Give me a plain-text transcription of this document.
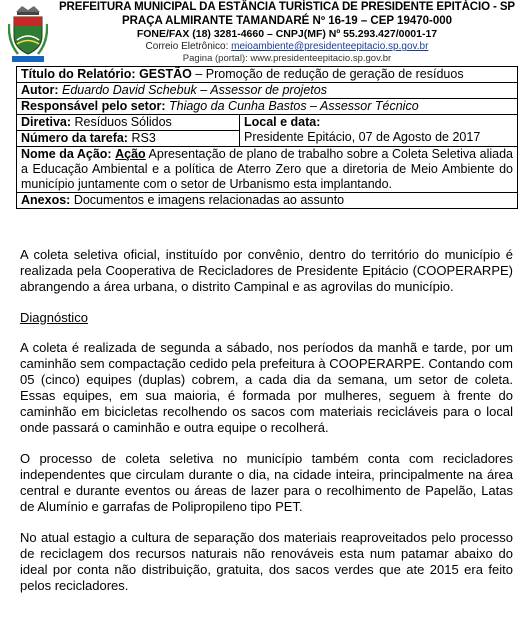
PREFEITURA MUNICIPAL DA ESTÂNCIA TURÍSTICA DE PRESIDENTE EPITÁCIO - SP
PRAÇA ALMIRANTE TAMANDARÉ Nº 16-19 – CEP 19470-000
FONE/FAX (18) 3281-4660 – CNPJ(MF) Nº 55.293.427/0001-17
Correio Eletrônico: meioambiente@presidenteepitacio.sp.gov.br
Pagina (portal): www.presidenteepitacio.sp.gov.br
Título do Relatório: GESTÃO – Promoção de redução de geração de resíduos
Autor: Eduardo David Schebuk – Assessor de projetos
Responsável pelo setor: Thiago da Cunha Bastos – Assessor Técnico
Diretiva: Resíduos Sólidos	Local e data:
Presidente Epitácio, 07 de Agosto de 2017

Número da tarefa: RS3
Nome da Ação: Ação Apresentação de plano de trabalho sobre a Coleta Seletiva aliada a Educação Ambiental e a política de Aterro Zero que a diretoria de Meio Ambiente do município juntamente com o setor de Urbanismo esta implantando.
Anexos: Documentos e imagens relacionadas ao assunto

A coleta seletiva oficial, instituído por convênio, dentro do território do município é realizada pela Cooperativa de Recicladores de Presidente Epitácio (COOPERARPE) abrangendo a área urbana, o distrito Campinal e as agrovilas do município.

Diagnóstico

A coleta é realizada de segunda a sábado, nos períodos da manhã e tarde, por um caminhão sem compactação cedido pela prefeitura à COOPERARPE. Contando com 05 (cinco) equipes (duplas) cobrem, a cada dia da semana, um setor de coleta. Essas equipes, em sua maioria, é formada por mulheres, seguem à frente do caminhão em bicicletas recolhendo os sacos com materiais recicláveis para o local onde passará o caminhão e outra equipe o recolherá.

O processo de coleta seletiva no município também conta com recicladores independentes que circulam durante o dia, na cidade inteira, principalmente na área central e durante eventos ou áreas de lazer para o recolhimento de Papelão, Latas de Alumínio e garrafas de Polipropileno tipo PET.

No atual estagio a cultura de separação dos materiais reaproveitados pelo processo de reciclagem dos recursos naturais não renováveis esta num patamar abaixo do ideal por conta não distribuição, gratuita, dos sacos verdes que ate 2015 era feito pelos recicladores.
